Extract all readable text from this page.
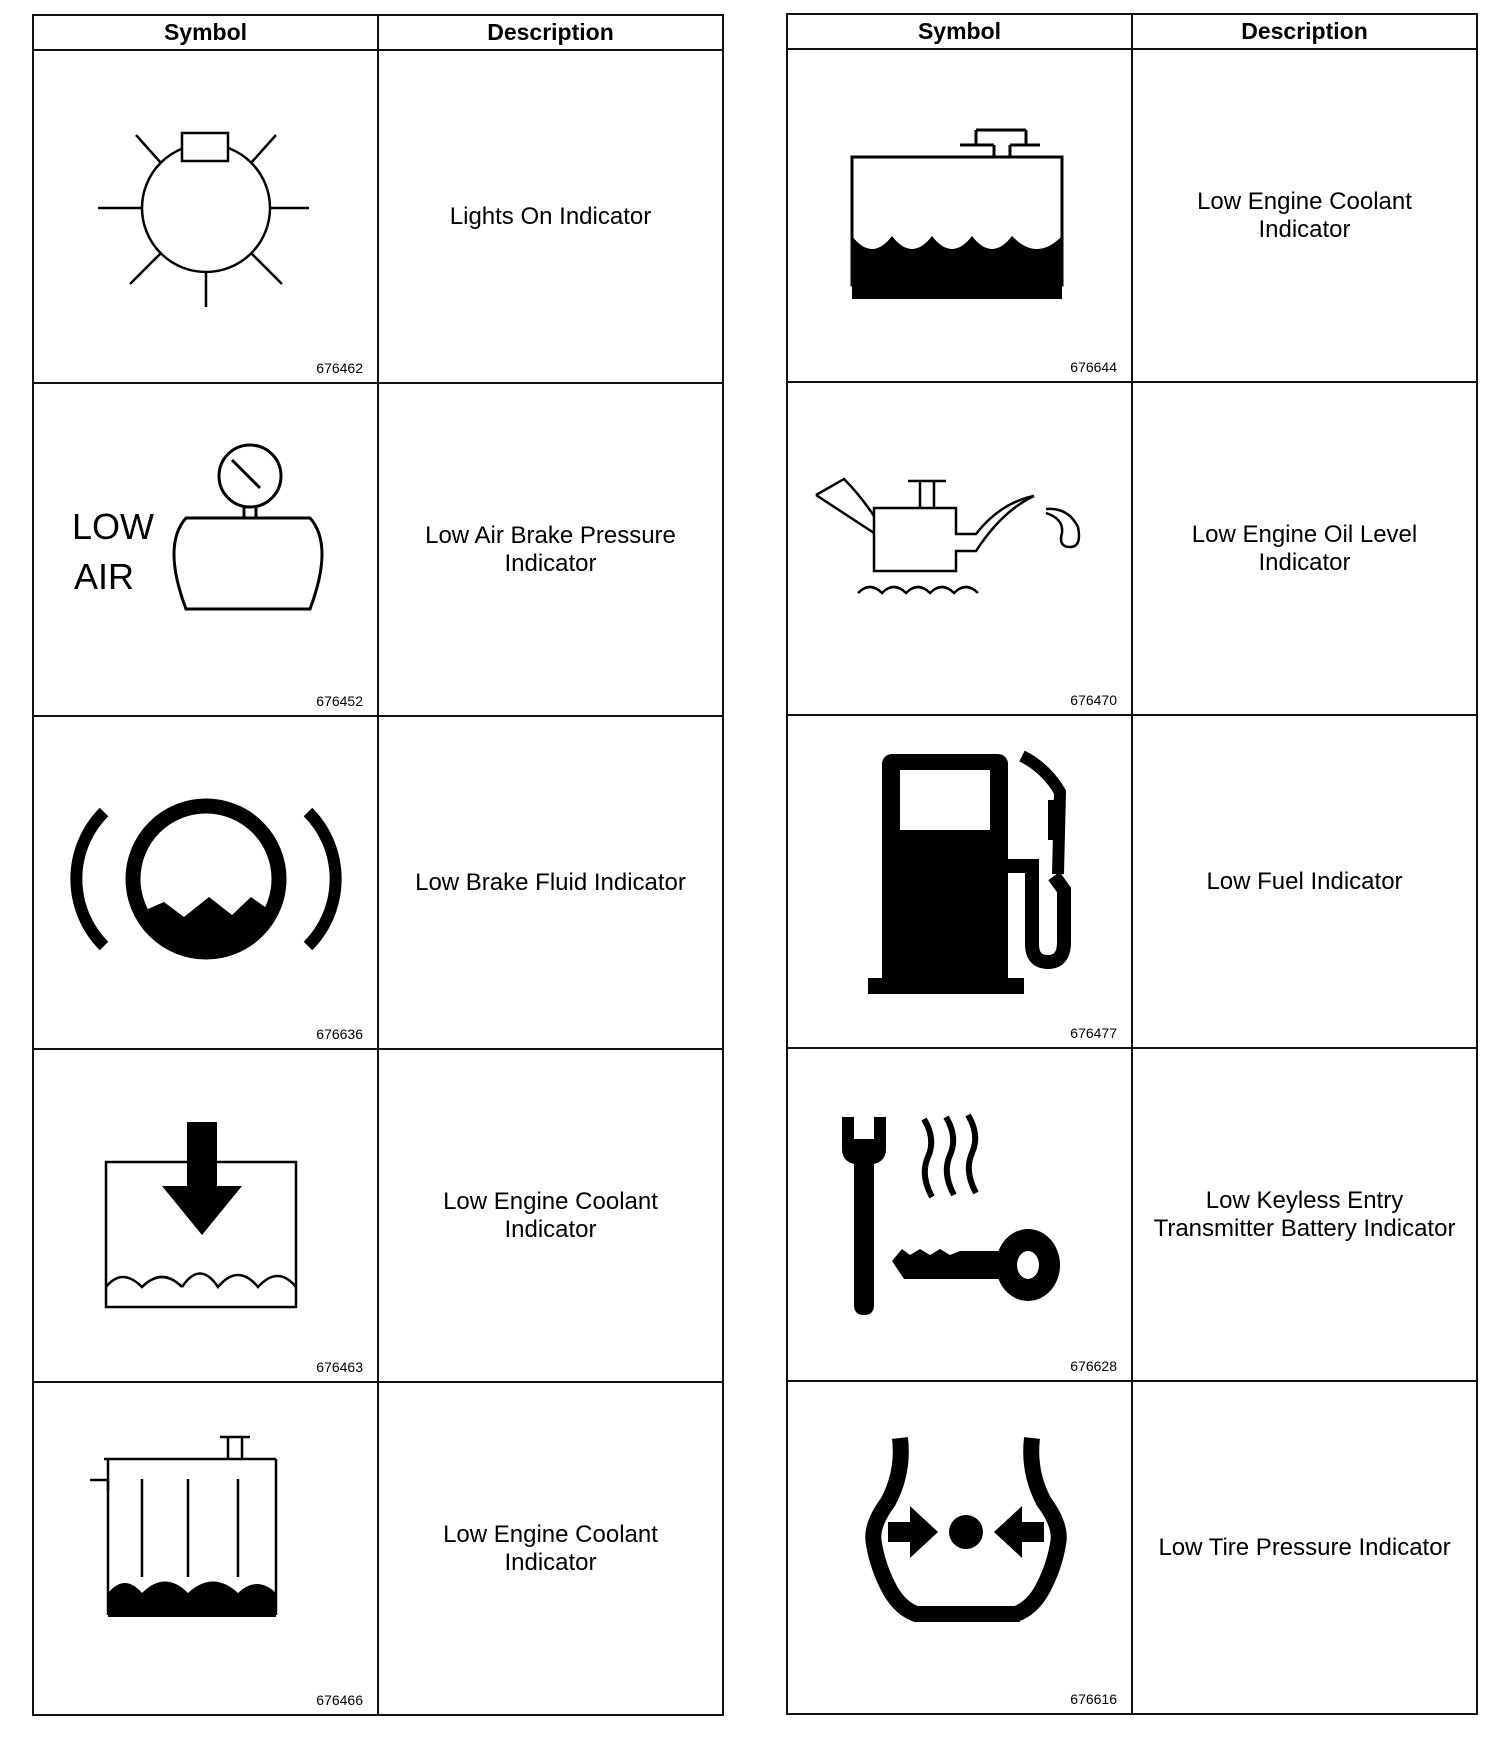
Symbol	Description

676462	Lights On Indicator

LOW
AIR
676452	Low Air Brake Pressure
Indicator

676636	Low Brake Fluid Indicator

676463	Low Engine Coolant
Indicator

676466	Low Engine Coolant
Indicator
Symbol	Description

676644	Low Engine Coolant
Indicator

676470	Low Engine Oil Level
Indicator

676477	Low Fuel Indicator

676628	Low Keyless Entry
Transmitter Battery Indicator

676616	Low Tire Pressure Indicator
